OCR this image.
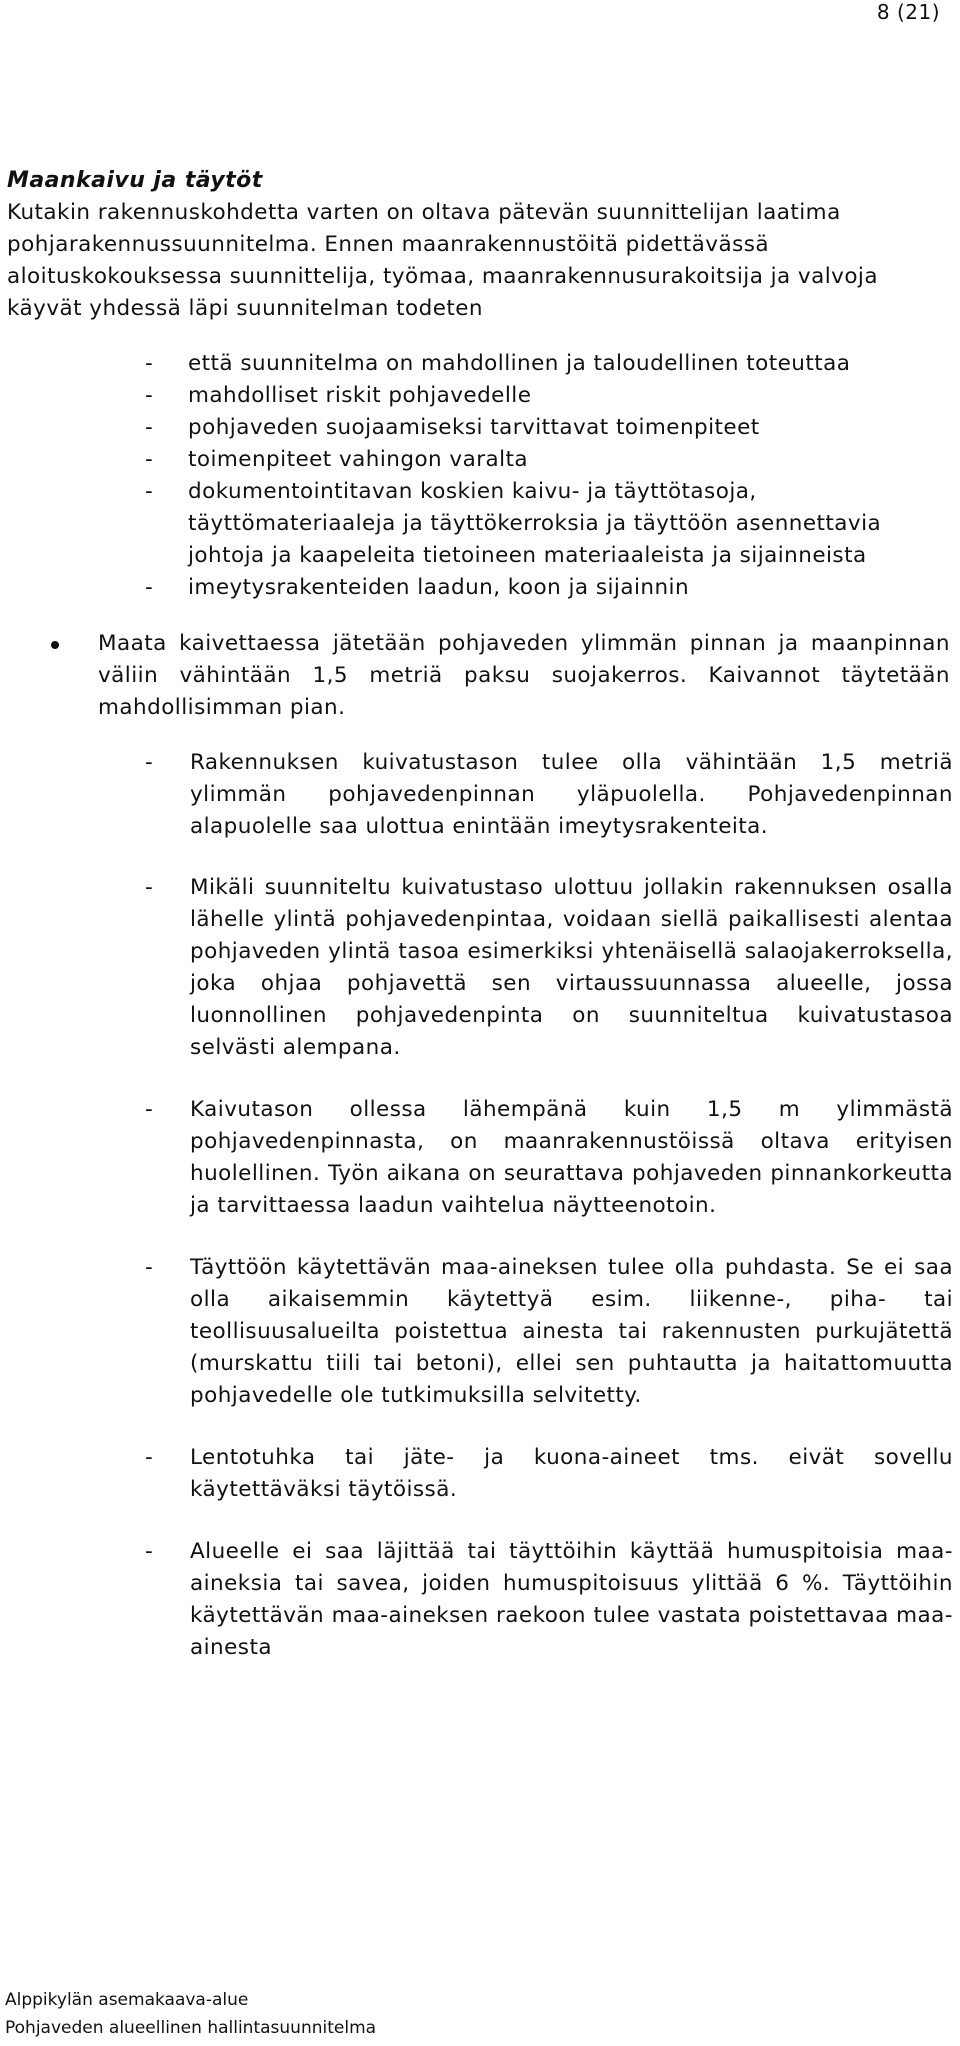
8 (21)

Maankaivu ja täytöt

Kutakin rakennuskohdetta varten on oltava pätevän suunnittelijan laatima pohjarakennussuunnitelma. Ennen maanrakennustöitä pidettävässä aloituskokouksessa suunnittelija, työmaa, maanrakennusurakoitsija ja valvoja käyvät yhdessä läpi suunnitelman todeten

- että suunnitelma on mahdollinen ja taloudellinen toteuttaa
- mahdolliset riskit pohjavedelle
- pohjaveden suojaamiseksi tarvittavat toimenpiteet
- toimenpiteet vahingon varalta
- dokumentointitavan koskien kaivu- ja täyttötasoja, täyttömateriaaleja ja täyttökerroksia ja täyttöön asennettavia johtoja ja kaapeleita tietoineen materiaaleista ja sijainneista
- imeytysrakenteiden laadun, koon ja sijainnin
Maata kaivettaessa jätetään pohjaveden ylimmän pinnan ja maanpinnan väliin vähintään 1,5 metriä paksu suojakerros. Kaivannot täytetään mahdollisimman pian.
- Rakennuksen kuivatustason tulee olla vähintään 1,5 metriä ylimmän pohjavedenpinnan yläpuolella. Pohjavedenpinnan alapuolelle saa ulottua enintään imeytysrakenteita.
- Mikäli suunniteltu kuivatustaso ulottuu jollakin rakennuksen osalla lähelle ylintä pohjavedenpintaa, voidaan siellä paikallisesti alentaa pohjaveden ylintä tasoa esimerkiksi yhtenäisellä salaojakerroksella, joka ohjaa pohjavettä sen virtaussuunnassa alueelle, jossa luonnollinen pohjavedenpinta on suunniteltua kuivatustasoa selvästi alempana.
- Kaivutason ollessa lähempänä kuin 1,5 m ylimmästä pohjavedenpinnasta, on maanrakennustöissä oltava erityisen huolellinen. Työn aikana on seurattava pohjaveden pinnankorkeutta ja tarvittaessa laadun vaihtelua näytteenotoin.
- Täyttöön käytettävän maa-aineksen tulee olla puhdasta. Se ei saa olla aikaisemmin käytettyä esim. liikenne-, piha- tai teollisuusalueilta poistettua ainesta tai rakennusten purkujätettä (murskattu tiili tai betoni), ellei sen puhtautta ja haitattomuutta pohjavedelle ole tutkimuksilla selvitetty.
- Lentotuhka tai jäte- ja kuona-aineet tms. eivät sovellu käytettäväksi täytöissä.
- Alueelle ei saa läjittää tai täyttöihin käyttää humuspitoisia maa-aineksia tai savea, joiden humuspitoisuus ylittää 6 %. Täyttöihin käytettävän maa-aineksen raekoon tulee vastata poistettavaa maa-ainesta
Alppikylän asemakaava-alue
Pohjaveden alueellinen hallintasuunnitelma
